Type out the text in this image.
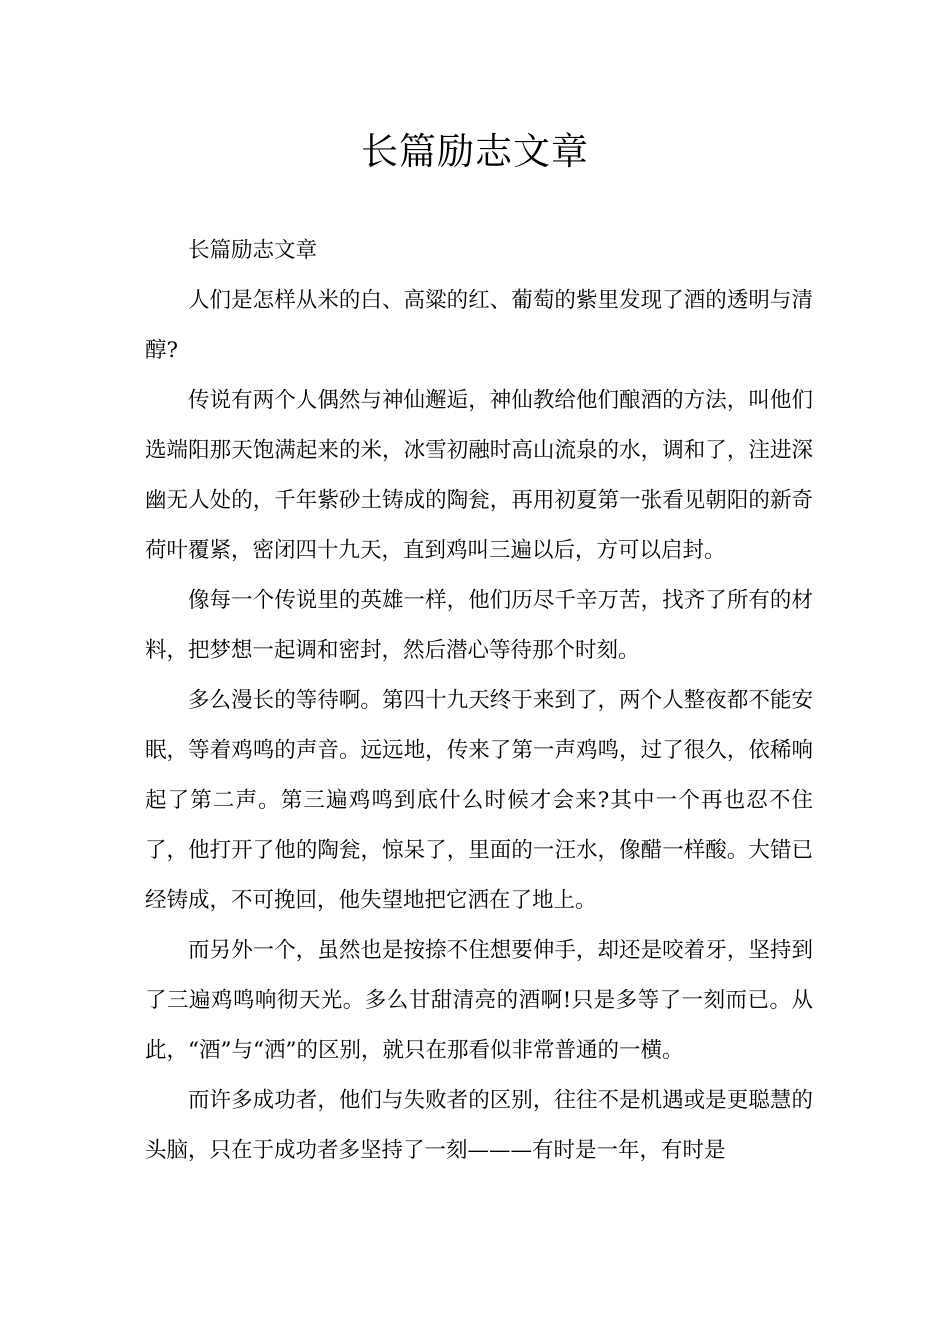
长篇励志文章

长篇励志文章

人们是怎样从米的白、高粱的红、葡萄的紫里发现了酒的透明与清醇?

传说有两个人偶然与神仙邂逅，神仙教给他们酿酒的方法，叫他们选端阳那天饱满起来的米，冰雪初融时高山流泉的水，调和了，注进深幽无人处的，千年紫砂土铸成的陶瓮，再用初夏第一张看见朝阳的新奇荷叶覆紧，密闭四十九天，直到鸡叫三遍以后，方可以启封。

像每一个传说里的英雄一样，他们历尽千辛万苦，找齐了所有的材料，把梦想一起调和密封，然后潜心等待那个时刻。

多么漫长的等待啊。第四十九天终于来到了，两个人整夜都不能安眠，等着鸡鸣的声音。远远地，传来了第一声鸡鸣，过了很久，依稀响起了第二声。第三遍鸡鸣到底什么时候才会来?其中一个再也忍不住了，他打开了他的陶瓮，惊呆了，里面的一汪水，像醋一样酸。大错已经铸成，不可挽回，他失望地把它洒在了地上。

而另外一个，虽然也是按捺不住想要伸手，却还是咬着牙，坚持到了三遍鸡鸣响彻天光。多么甘甜清亮的酒啊!只是多等了一刻而已。从此，“酒”与“洒”的区别，就只在那看似非常普通的一横。

而许多成功者，他们与失败者的区别，往往不是机遇或是更聪慧的头脑，只在于成功者多坚持了一刻———有时是一年，有时是
